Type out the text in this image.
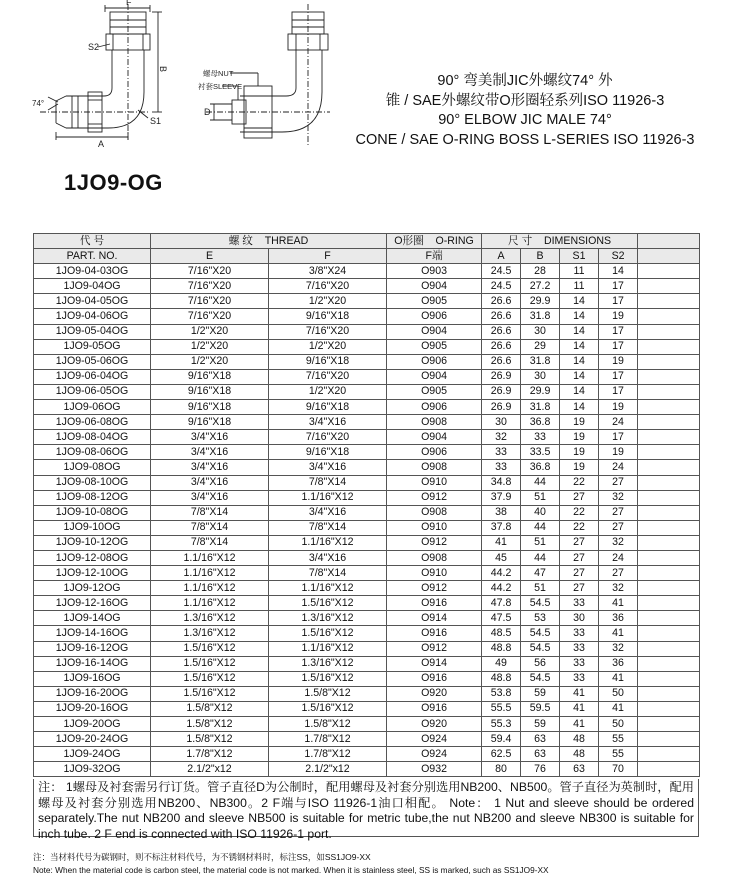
F
B
S2
A
S1
74°
螺母NUT
衬套SLEEVE
D
90° 弯美制JIC外螺纹74° 外
锥 / SAE外螺纹带O形圈轻系列ISO 11926-3
90° ELBOW JIC MALE 74°
CONE / SAE O-RING BOSS L-SERIES ISO 11926-3
1JO9-OG
代 号	螺 纹 THREAD		O形圈 O-RING	尺 寸 DIMENSIONS				
PART. NO.	E	F	F端	A	B	S1	S2	
1JO9-04-03OG	7/16"X20	3/8"X24	O903	24.5	28	11	14	
1JO9-04OG	7/16"X20	7/16"X20	O904	24.5	27.2	11	17	
1JO9-04-05OG	7/16"X20	1/2"X20	O905	26.6	29.9	14	17	
1JO9-04-06OG	7/16"X20	9/16"X18	O906	26.6	31.8	14	19	
1JO9-05-04OG	1/2"X20	7/16"X20	O904	26.6	30	14	17	
1JO9-05OG	1/2"X20	1/2"X20	O905	26.6	29	14	17	
1JO9-05-06OG	1/2"X20	9/16"X18	O906	26.6	31.8	14	19	
1JO9-06-04OG	9/16"X18	7/16"X20	O904	26.9	30	14	17	
1JO9-06-05OG	9/16"X18	1/2"X20	O905	26.9	29.9	14	17	
1JO9-06OG	9/16"X18	9/16"X18	O906	26.9	31.8	14	19	
1JO9-06-08OG	9/16"X18	3/4"X16	O908	30	36.8	19	24	
1JO9-08-04OG	3/4"X16	7/16"X20	O904	32	33	19	17	
1JO9-08-06OG	3/4"X16	9/16"X18	O906	33	33.5	19	19	
1JO9-08OG	3/4"X16	3/4"X16	O908	33	36.8	19	24	
1JO9-08-10OG	3/4"X16	7/8"X14	O910	34.8	44	22	27	
1JO9-08-12OG	3/4"X16	1.1/16"X12	O912	37.9	51	27	32	
1JO9-10-08OG	7/8"X14	3/4"X16	O908	38	40	22	27	
1JO9-10OG	7/8"X14	7/8"X14	O910	37.8	44	22	27	
1JO9-10-12OG	7/8"X14	1.1/16"X12	O912	41	51	27	32	
1JO9-12-08OG	1.1/16"X12	3/4"X16	O908	45	44	27	24	
1JO9-12-10OG	1.1/16"X12	7/8"X14	O910	44.2	47	27	27	
1JO9-12OG	1.1/16"X12	1.1/16"X12	O912	44.2	51	27	32	
1JO9-12-16OG	1.1/16"X12	1.5/16"X12	O916	47.8	54.5	33	41	
1JO9-14OG	1.3/16"X12	1.3/16"X12	O914	47.5	53	30	36	
1JO9-14-16OG	1.3/16"X12	1.5/16"X12	O916	48.5	54.5	33	41	
1JO9-16-12OG	1.5/16"X12	1.1/16"X12	O912	48.8	54.5	33	32	
1JO9-16-14OG	1.5/16"X12	1.3/16"X12	O914	49	56	33	36	
1JO9-16OG	1.5/16"X12	1.5/16"X12	O916	48.8	54.5	33	41	
1JO9-16-20OG	1.5/16"X12	1.5/8"X12	O920	53.8	59	41	50	
1JO9-20-16OG	1.5/8"X12	1.5/16"X12	O916	55.5	59.5	41	41	
1JO9-20OG	1.5/8"X12	1.5/8"X12	O920	55.3	59	41	50	
1JO9-20-24OG	1.5/8"X12	1.7/8"X12	O924	59.4	63	48	55	
1JO9-24OG	1.7/8"X12	1.7/8"X12	O924	62.5	63	48	55	
1JO9-32OG	2.1/2"x12	2.1/2"x12	O932	80	76	63	70	
注： 1螺母及衬套需另行订货。管子直径D为公制时，配用螺母及衬套分别选用NB200、NB500。管子直径为英制时，配用螺母及衬套分别选用NB200、NB300。2 F端与ISO 11926-1油口相配。 Note： 1 Nut and sleeve should be ordered separately.The nut NB200 and sleeve NB500 is suitable for metric tube,the nut NB200 and sleeve NB300 is suitable for inch tube. 2 F end is connected with ISO 11926-1 port.
注：当材料代号为碳钢时，则不标注材料代号，为不锈钢材料时，标注SS，如SS1JO9-XX
Note: When the material code is carbon steel, the material code is not marked. When it is stainless steel, SS is marked, such as SS1JO9-XX
